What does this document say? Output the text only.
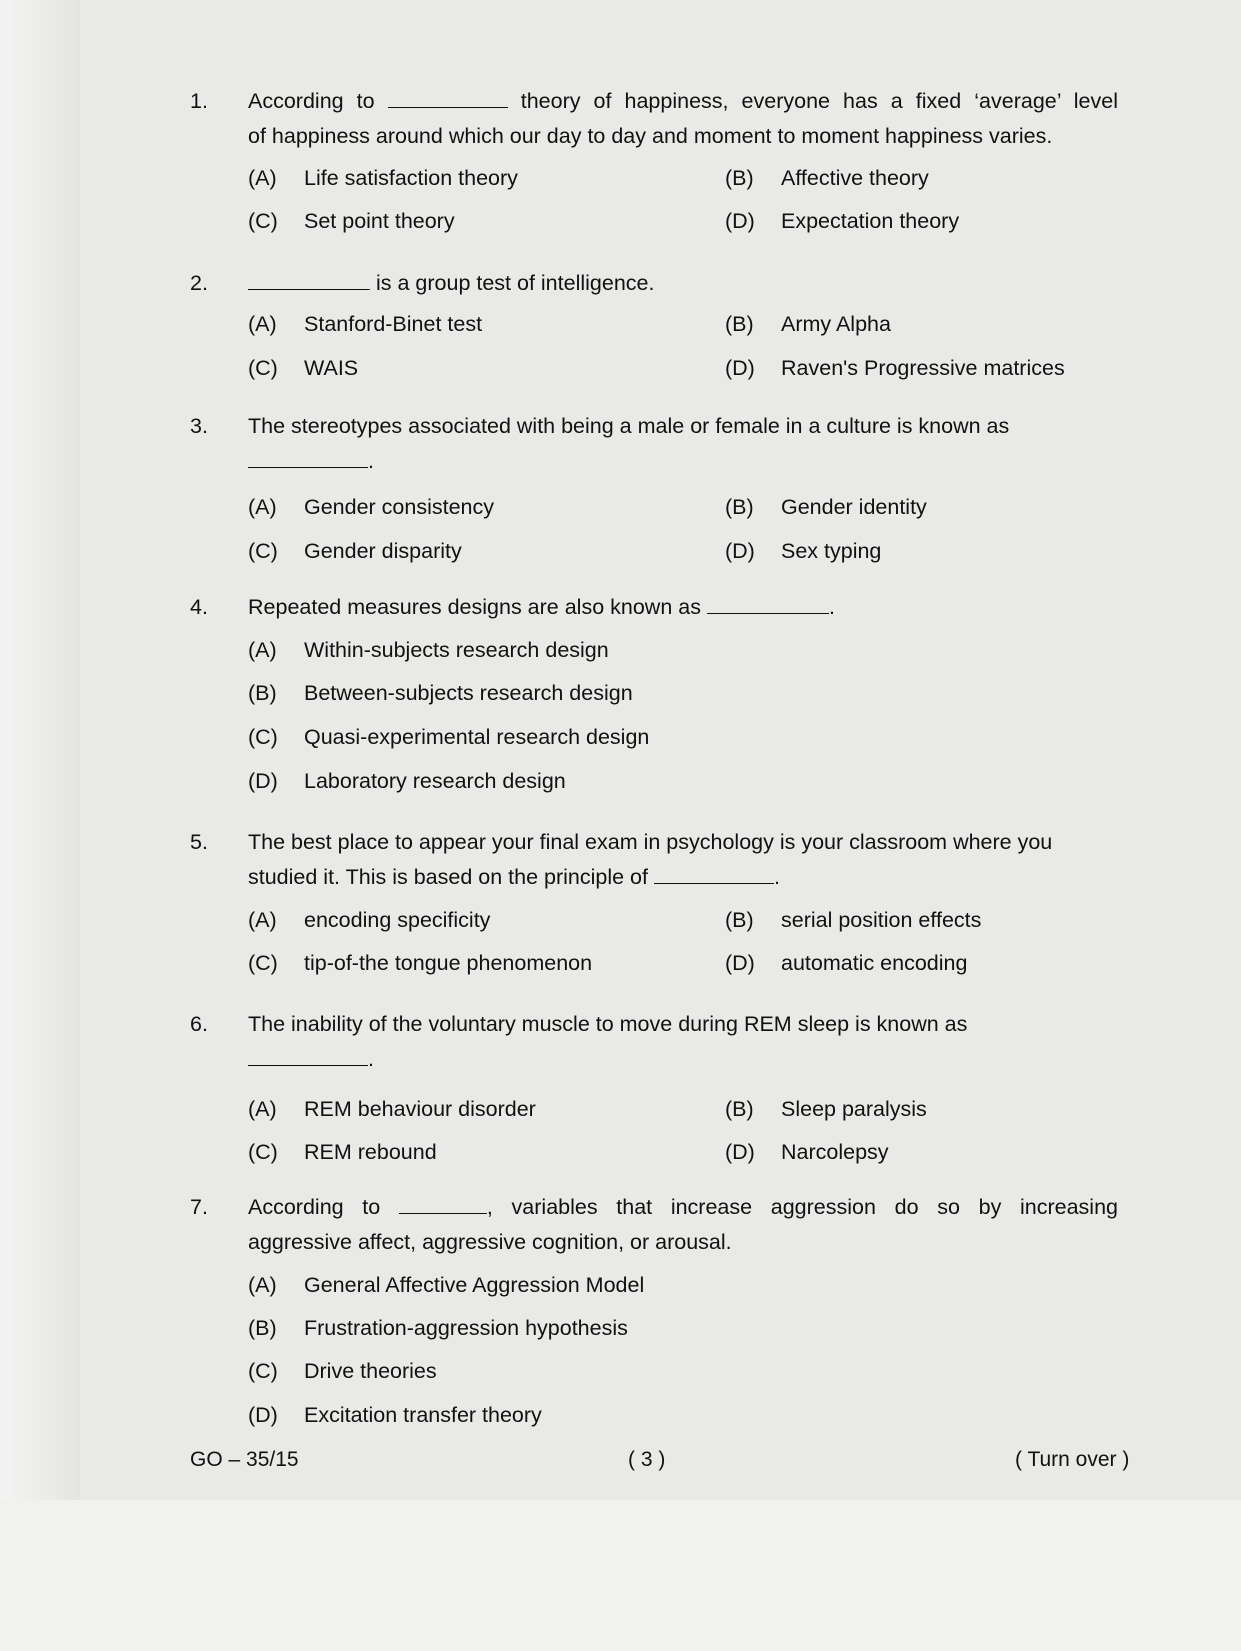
1. According to	theory of happiness, everyone has a fixed ‘average’ level
of happiness around which our day to day and moment to moment happiness varies.
(A) Life satisfaction theory	(B) Affective theory
(C) Set point theory	(D) Expectation theory
2.	is a group test of intelligence.
(A) Stanford-Binet test	(B) Army Alpha
(C) WAIS	(D) Raven's Progressive matrices
3. The stereotypes associated with being a male or female in a culture is known as
.
(A) Gender consistency	(B) Gender identity
(C) Gender disparity	(D) Sex typing
4. Repeated measures designs are also known as	.
(A) Within-subjects research design
(B) Between-subjects research design
(C) Quasi-experimental research design
(D) Laboratory research design
5. The best place to appear your final exam in psychology is your classroom where you
studied it. This is based on the principle of	.
(A) encoding specificity	(B) serial position effects
(C) tip-of-the tongue phenomenon	(D) automatic encoding
6. The inability of the voluntary muscle to move during REM sleep is known as
.
(A) REM behaviour disorder	(B) Sleep paralysis
(C) REM rebound	(D) Narcolepsy
7. According to	, variables that increase aggression do so by increasing
aggressive affect, aggressive cognition, or arousal.
(A) General Affective Aggression Model
(B) Frustration-aggression hypothesis
(C) Drive theories
(D) Excitation transfer theory
GO – 35/15	( 3 )	( Turn over )
